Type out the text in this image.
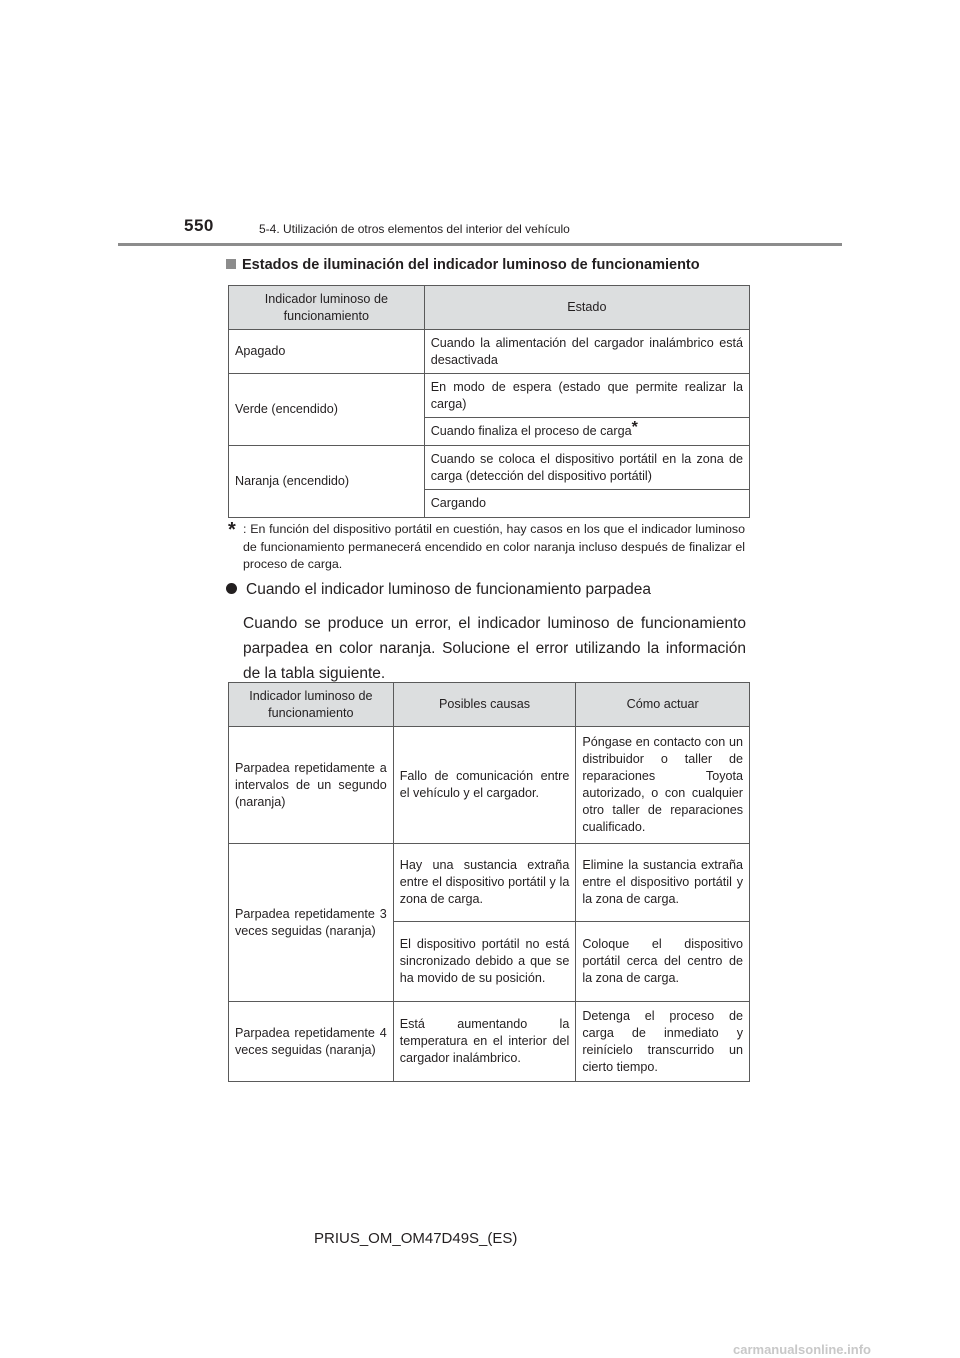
550	5-4. Utilización de otros elementos del interior del vehículo
Estados de iluminación del indicador luminoso de funcionamiento
Indicador luminoso de funcionamiento	Estado
Apagado	Cuando la alimentación del cargador inalámbrico está desactivada
Verde (encendido)	En modo de espera (estado que permite realizar la carga)
	Cuando finaliza el proceso de carga*
Naranja (encendido)	Cuando se coloca el dispositivo portátil en la zona de carga (detección del dispositivo portátil)
	Cargando
* : En función del dispositivo portátil en cuestión, hay casos en los que el indicador luminoso de funcionamiento permanecerá encendido en color naranja incluso después de finalizar el proceso de carga.
Cuando el indicador luminoso de funcionamiento parpadea
Cuando se produce un error, el indicador luminoso de funcionamiento parpadea en color naranja. Solucione el error utilizando la información de la tabla siguiente.
Indicador luminoso de funcionamiento	Posibles causas	Cómo actuar
Parpadea repetidamente a intervalos de un segundo (naranja)	Fallo de comunicación entre el vehículo y el cargador.	Póngase en contacto con un distribuidor o taller de reparaciones Toyota autorizado, o con cualquier otro taller de reparaciones cualificado.
Parpadea repetidamente 3 veces seguidas (naranja)	Hay una sustancia extraña entre el dispositivo portátil y la zona de carga.	Elimine la sustancia extraña entre el dispositivo portátil y la zona de carga.
	El dispositivo portátil no está sincronizado debido a que se ha movido de su posición.	Coloque el dispositivo portátil cerca del centro de la zona de carga.
Parpadea repetidamente 4 veces seguidas (naranja)	Está aumentando la temperatura en el interior del cargador inalámbrico.	Detenga el proceso de carga de inmediato y reinícielo transcurrido un cierto tiempo.
PRIUS_OM_OM47D49S_(ES)
carmanualsonline.info
